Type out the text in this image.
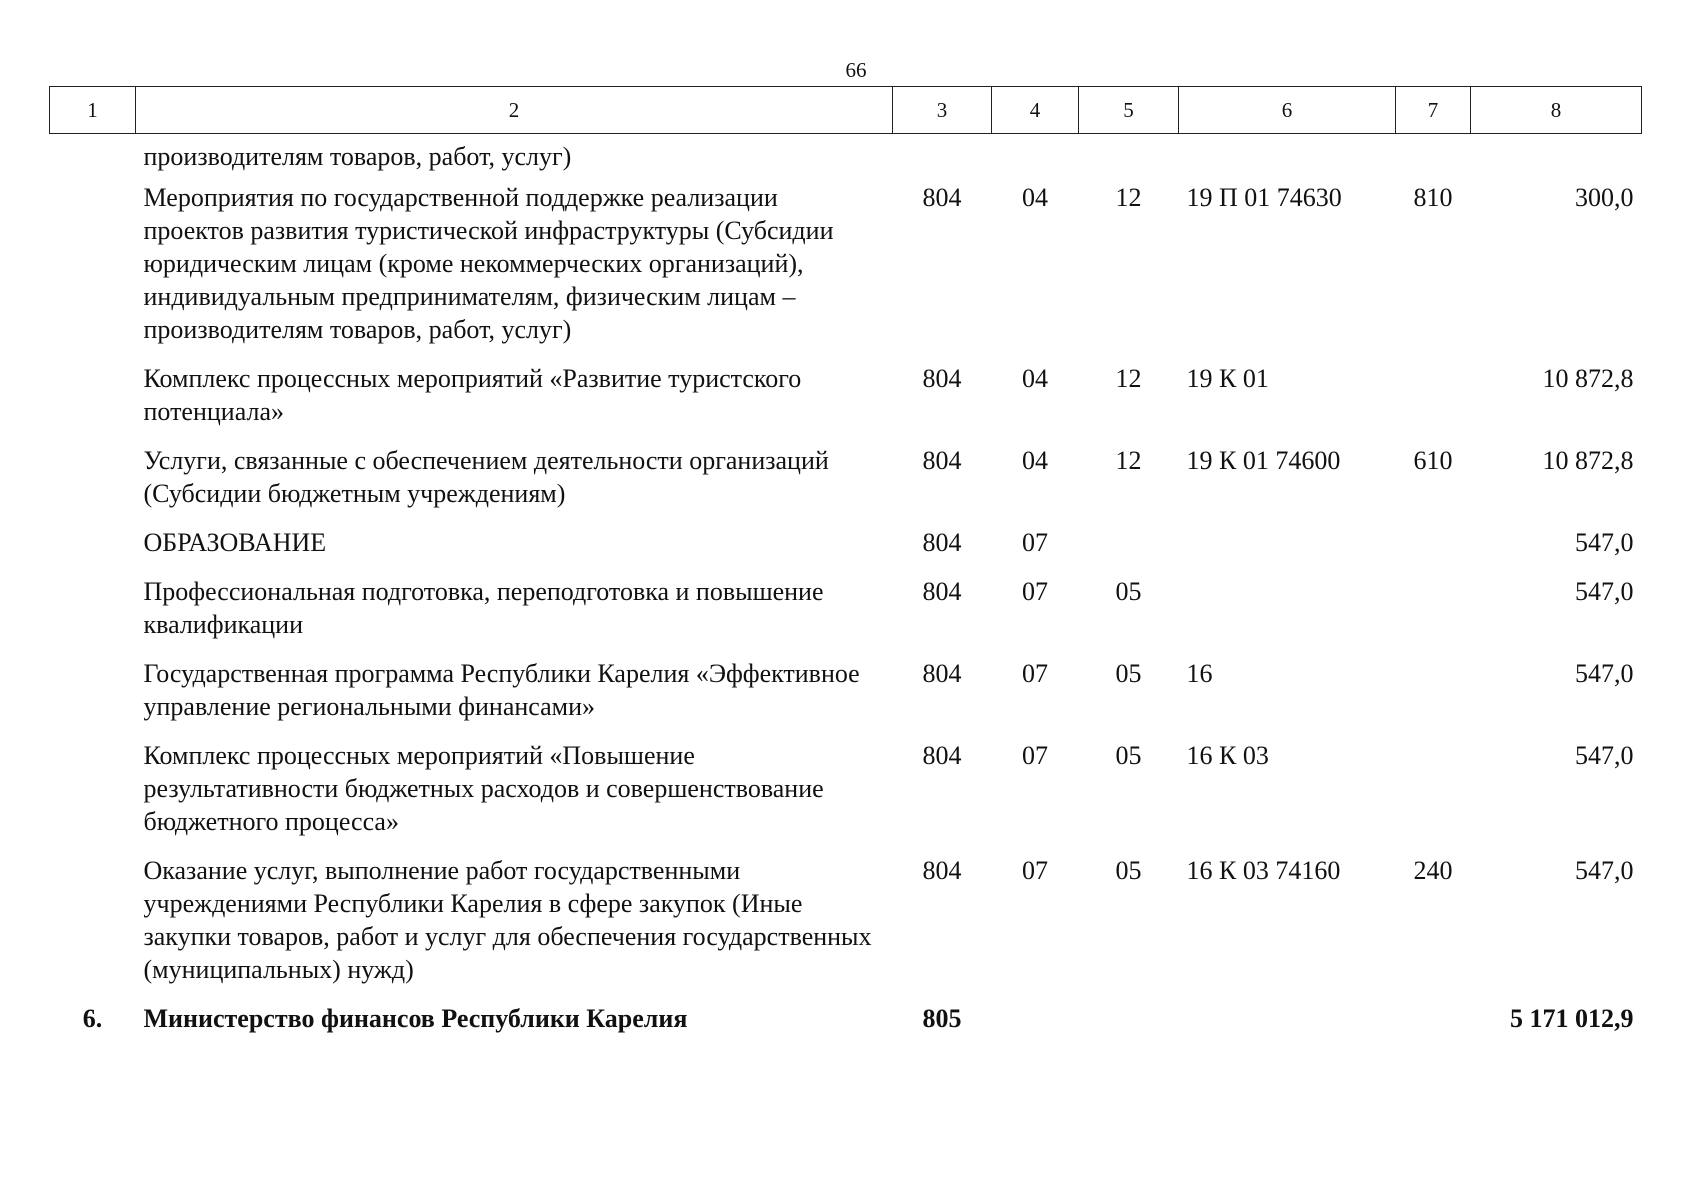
66
1	2	3	4	5	6	7	8
	производителям товаров, работ, услуг)						
	Мероприятия по государственной поддержке реализации проектов развития туристической инфраструктуры (Субсидии юридическим лицам (кроме некоммерческих организаций), индивидуальным предпринимателям, физическим лицам – производителям товаров, работ, услуг)	804	04	12	19 П 01 74630	810	300,0
	Комплекс процессных мероприятий «Развитие туристского потенциала»	804	04	12	19 К 01		10 872,8
	Услуги, связанные с обеспечением деятельности организаций (Субсидии бюджетным учреждениям)	804	04	12	19 К 01 74600	610	10 872,8
	ОБРАЗОВАНИЕ	804	07				547,0
	Профессиональная подготовка, переподготовка и повышение квалификации	804	07	05			547,0
	Государственная программа Республики Карелия «Эффективное управление региональными финансами»	804	07	05	16		547,0
	Комплекс процессных мероприятий «Повышение результативности бюджетных расходов и совершенствование бюджетного процесса»	804	07	05	16 К 03		547,0
	Оказание услуг, выполнение работ государственными учреждениями Республики Карелия в сфере закупок (Иные закупки товаров, работ и услуг для обеспечения государственных (муниципальных) нужд)	804	07	05	16 К 03 74160	240	547,0
6.	Министерство финансов Республики Карелия	805					5 171 012,9
